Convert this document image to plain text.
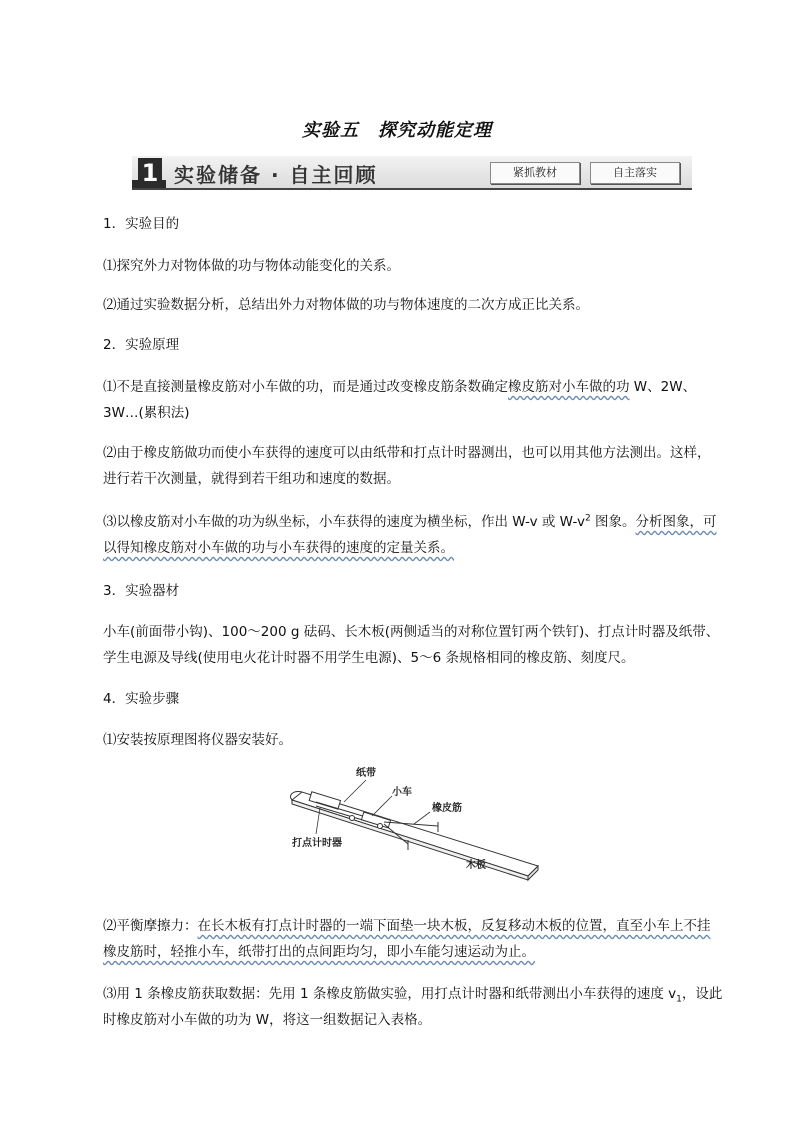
实验五　探究动能定理
1 实验储备 · 自主回顾	紧抓教材	自主落实
1．实验目的
⑴探究外力对物体做的功与物体动能变化的关系。
⑵通过实验数据分析，总结出外力对物体做的功与物体速度的二次方成正比关系。
2．实验原理
⑴不是直接测量橡皮筋对小车做的功，而是通过改变橡皮筋条数确定橡皮筋对小车做的功 W、2W、
3W…(累积法)
⑵由于橡皮筋做功而使小车获得的速度可以由纸带和打点计时器测出，也可以用其他方法测出。这样，进行若干次测量，就得到若干组功和速度的数据。
⑶以橡皮筋对小车做的功为纵坐标，小车获得的速度为横坐标，作出 W-v 或 $W-v^2$ 图象。分析图象，可以得知橡皮筋对小车做的功与小车获得的速度的定量关系。
3．实验器材
小车(前面带小钩)、100～200 g 砝码、长木板(两侧适当的对称位置钉两个铁钉)、打点计时器及纸带、学生电源及导线(使用电火花计时器不用学生电源)、5～6 条规格相同的橡皮筋、刻度尺。
4．实验步骤
⑴安装按原理图将仪器安装好。
纸带
小车
橡皮筋
打点计时器
木板
⑵平衡摩擦力：在长木板有打点计时器的一端下面垫一块木板，反复移动木板的位置，直至小车上不挂橡皮筋时，轻推小车，纸带打出的点间距均匀，即小车能匀速运动为止。
⑶用 1 条橡皮筋获取数据：先用 1 条橡皮筋做实验，用打点计时器和纸带测出小车获得的速度 $v_1$，设此时橡皮筋对小车做的功为 W，将这一组数据记入表格。
